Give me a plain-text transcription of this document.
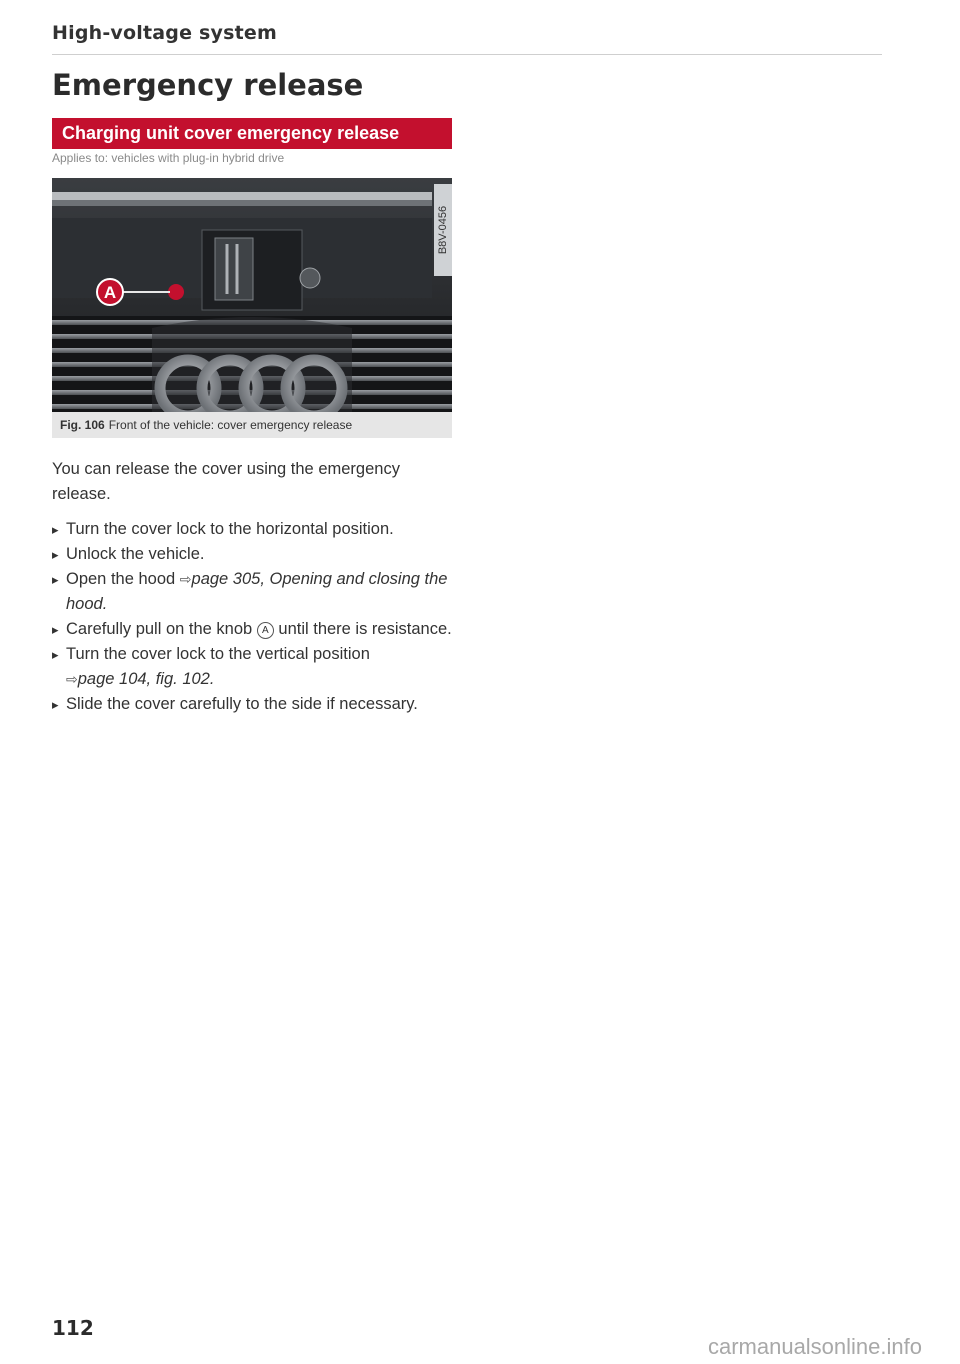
High-voltage system
Emergency release
Charging unit cover emergency release
Applies to: vehicles with plug-in hybrid drive
A
B8V-0456
Fig. 106 Front of the vehicle: cover emergency release
You can release the cover using the emergency release.
▸ Turn the cover lock to the horizontal position.
▸ Unlock the vehicle.
▸ Open the hood ⇨page 305, Opening and closing the hood.
▸ Carefully pull on the knob A until there is resistance.
▸ Turn the cover lock to the vertical position
⇨page 104, fig. 102.
▸ Slide the cover carefully to the side if necessary.
112
carmanualsonline.info
